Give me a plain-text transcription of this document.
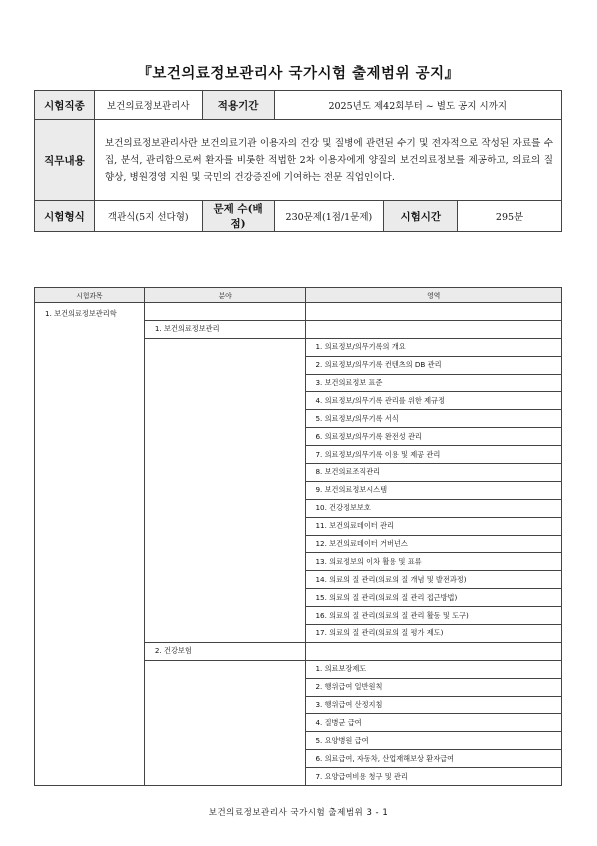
『보건의료정보관리사 국가시험 출제범위 공지』
시험직종	보건의료정보관리사	적용기간	2025년도 제42회부터 ~ 별도 공지 시까지		
직무내용	보건의료정보관리사란 보건의료기관 이용자의 건강 및 질병에 관련된 수기 및 전자적으로 작성된 자료를 수집, 분석, 관리함으로써 환자를 비롯한 적법한 2차 이용자에게 양질의 보건의료정보를 제공하고, 의료의 질 향상, 병원경영 지원 및 국민의 건강증진에 기여하는 전문 직업인이다.				
시험형식	객관식(5지 선다형)	문제 수(배점)	230문제(1점/1문제)	시험시간	295분
시험과목	분야	영역
1. 보건의료정보관리학		

	1. 보건의료정보관리	

		1. 의료정보/의무기록의 개요
		2. 의료정보/의무기록 컨텐츠의 DB 관리
		3. 보건의료정보 표준
		4. 의료정보/의무기록 관리를 위한 제규정
		5. 의료정보/의무기록 서식
		6. 의료정보/의무기록 완전성 관리
		7. 의료정보/의무기록 이용 및 제공 관리
		8. 보건의료조직관리
		9. 보건의료정보시스템
		10. 건강정보보호
		11. 보건의료데이터 관리
		12. 보건의료데이터 거버넌스
		13. 의료정보의 이차 활용 및 표류
		14. 의료의 질 관리(의료의 질 개념 및 발전과정)
		15. 의료의 질 관리(의료의 질 관리 접근방법)
		16. 의료의 질 관리(의료의 질 관리 활동 및 도구)
		17. 의료의 질 관리(의료의 질 평가 제도)

	2. 건강보험	

		1. 의료보장제도
		2. 행위급여 일반원칙
		3. 행위급여 산정지침
		4. 질병군 급여
		5. 요양병원 급여
		6. 의료급여, 자동차, 산업재해보상 환자급여
		7. 요양급여비용 청구 및 관리
보건의료정보관리사 국가시험 출제범위 3 - 1
